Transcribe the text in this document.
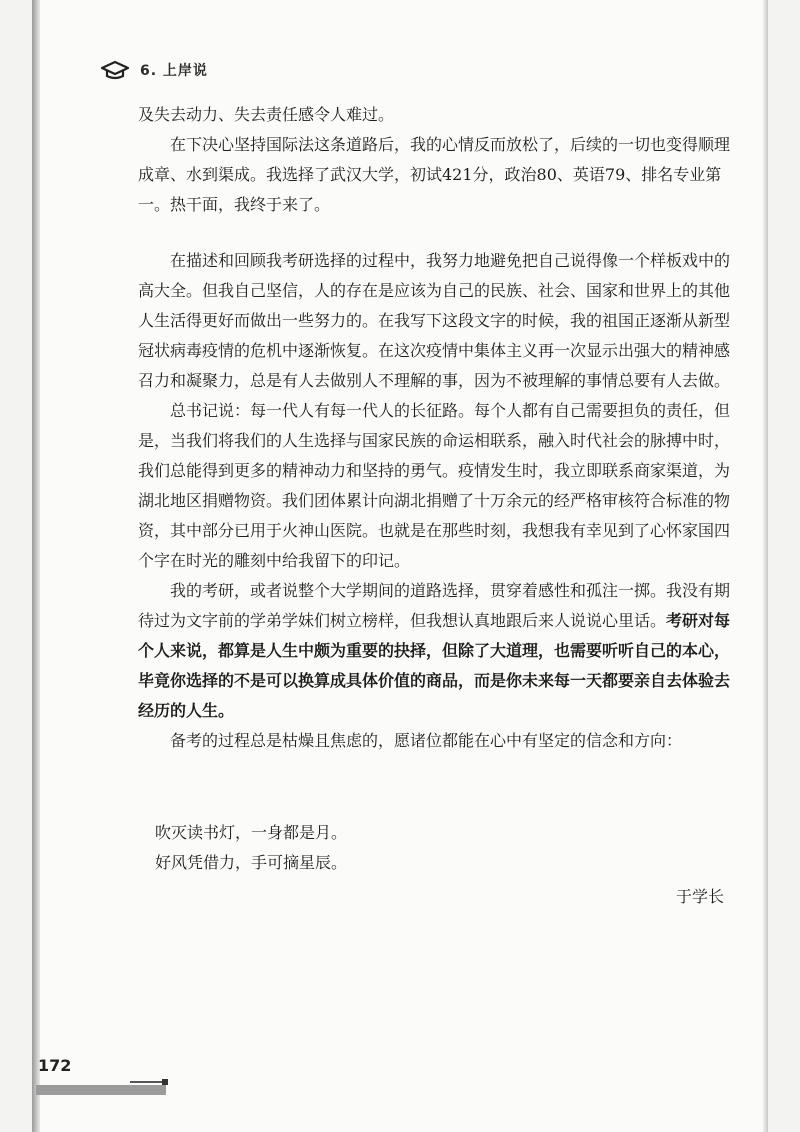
6. 上岸说

及失去动力、失去责任感令人难过。

在下决心坚持国际法这条道路后，我的心情反而放松了，后续的一切也变得顺理成章、水到渠成。我选择了武汉大学，初试421分，政治80、英语79、排名专业第一。热干面，我终于来了。

在描述和回顾我考研选择的过程中，我努力地避免把自己说得像一个样板戏中的高大全。但我自己坚信，人的存在是应该为自己的民族、社会、国家和世界上的其他人生活得更好而做出一些努力的。在我写下这段文字的时候，我的祖国正逐渐从新型冠状病毒疫情的危机中逐渐恢复。在这次疫情中集体主义再一次显示出强大的精神感召力和凝聚力，总是有人去做别人不理解的事，因为不被理解的事情总要有人去做。

总书记说：每一代人有每一代人的长征路。每个人都有自己需要担负的责任，但是，当我们将我们的人生选择与国家民族的命运相联系，融入时代社会的脉搏中时，我们总能得到更多的精神动力和坚持的勇气。疫情发生时，我立即联系商家渠道，为湖北地区捐赠物资。我们团体累计向湖北捐赠了十万余元的经严格审核符合标准的物资，其中部分已用于火神山医院。也就是在那些时刻，我想我有幸见到了心怀家国四个字在时光的雕刻中给我留下的印记。

我的考研，或者说整个大学期间的道路选择，贯穿着感性和孤注一掷。我没有期待过为文字前的学弟学妹们树立榜样，但我想认真地跟后来人说说心里话。考研对每个人来说，都算是人生中颇为重要的抉择，但除了大道理，也需要听听自己的本心，毕竟你选择的不是可以换算成具体价值的商品，而是你未来每一天都要亲自去体验去经历的人生。

备考的过程总是枯燥且焦虑的，愿诸位都能在心中有坚定的信念和方向：

吹灭读书灯，一身都是月。

好风凭借力，手可摘星辰。

于学长
172
